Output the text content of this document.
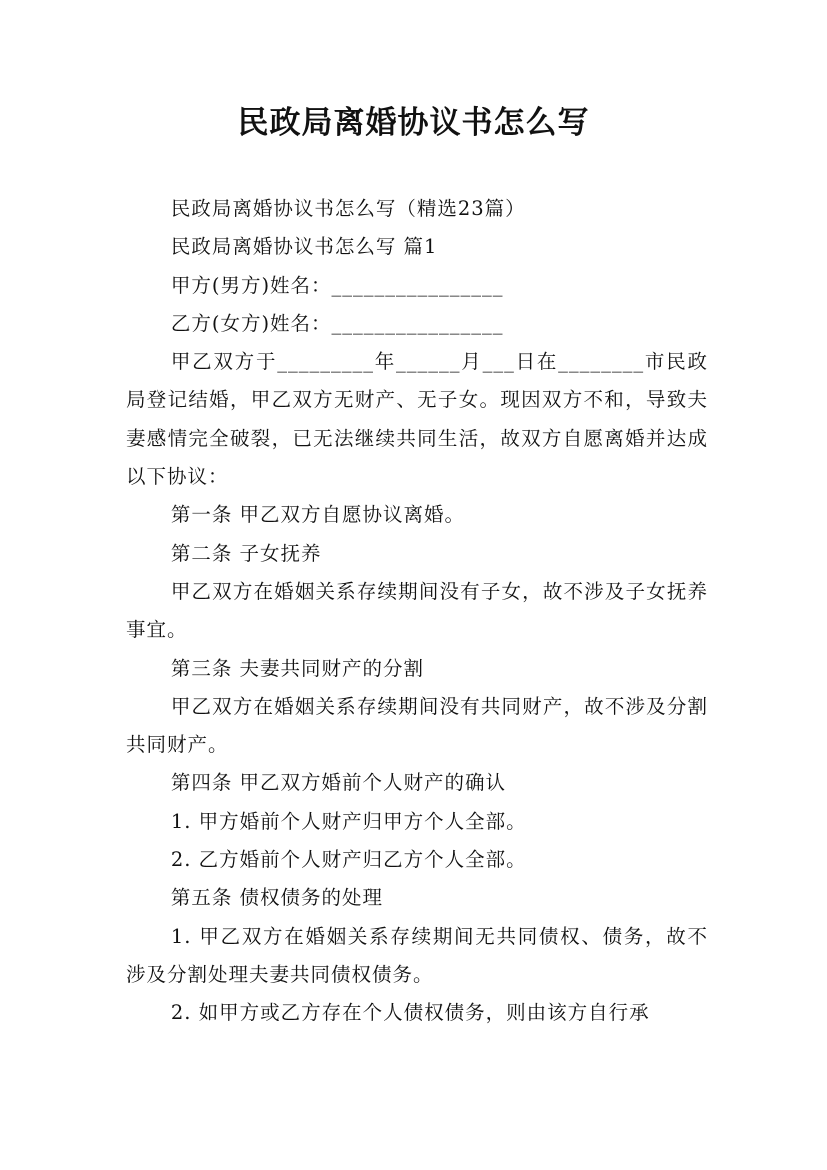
民政局离婚协议书怎么写

民政局离婚协议书怎么写（精选23篇）

民政局离婚协议书怎么写 篇1

甲方(男方)姓名：________________

乙方(女方)姓名：________________

甲乙双方于_________年______月___日在________市民政局登记结婚，甲乙双方无财产、无子女。现因双方不和，导致夫妻感情完全破裂，已无法继续共同生活，故双方自愿离婚并达成以下协议：

第一条 甲乙双方自愿协议离婚。

第二条 子女抚养

甲乙双方在婚姻关系存续期间没有子女，故不涉及子女抚养事宜。

第三条 夫妻共同财产的分割

甲乙双方在婚姻关系存续期间没有共同财产，故不涉及分割共同财产。

第四条 甲乙双方婚前个人财产的确认

1. 甲方婚前个人财产归甲方个人全部。

2. 乙方婚前个人财产归乙方个人全部。

第五条 债权债务的处理

1. 甲乙双方在婚姻关系存续期间无共同债权、债务，故不涉及分割处理夫妻共同债权债务。

2. 如甲方或乙方存在个人债权债务，则由该方自行承
